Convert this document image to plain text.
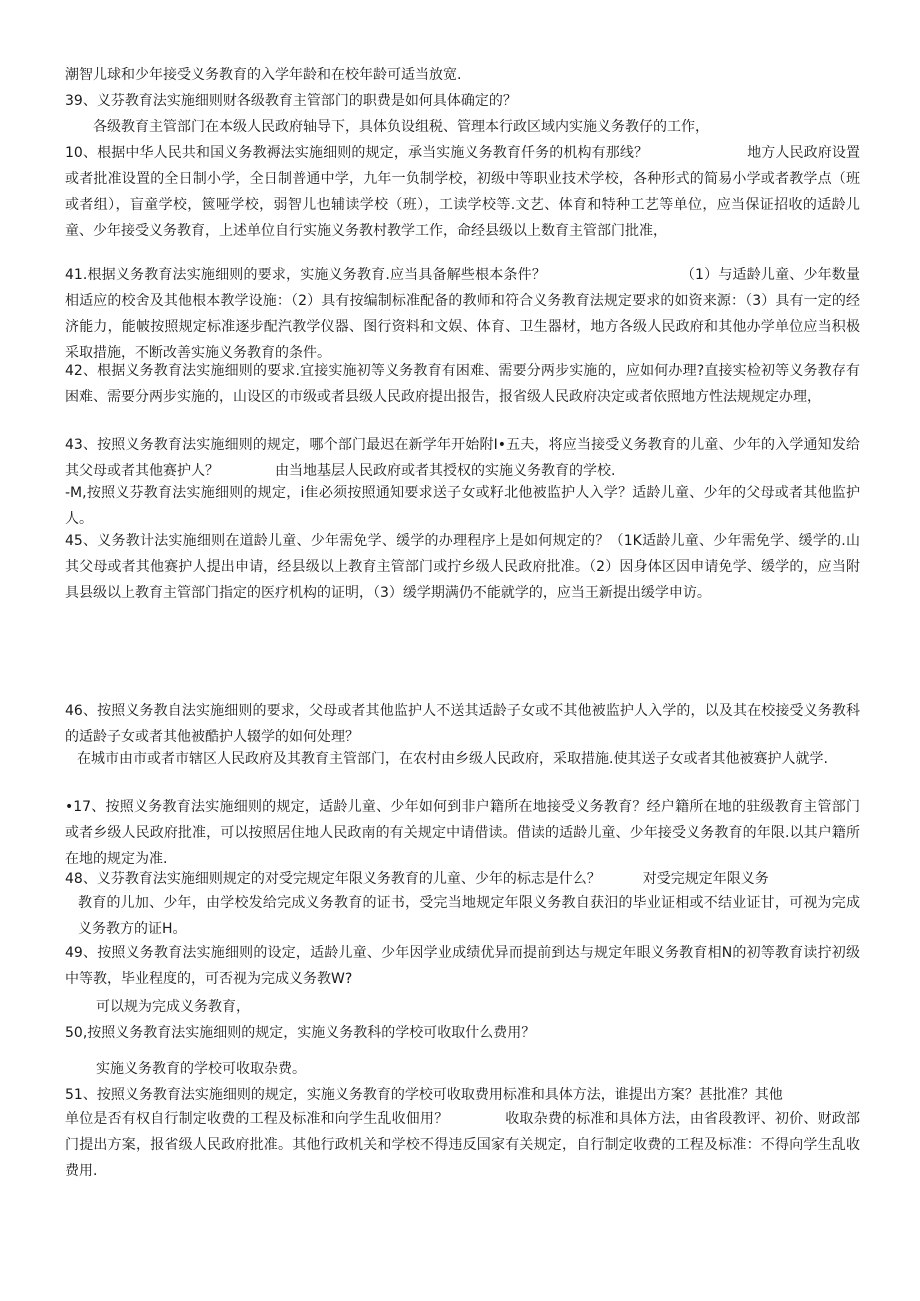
潮智儿球和少年接受义务教育的入学年龄和在校年龄可适当放宽.

39、义芬教育法实施细则财各级教育主管部门的职费是如何具体确定的？

各级教育主管部门在本级人民政府轴导下，具体负设组税、管理本行政区域内实施义务教仔的工作，

10、根据中华人民共和国义务教褥法实施细则的规定，承当实施义务教育仟务的机构有那线？　　　　　　　地方人民政府设置或者批准设置的全日制小学，全日制普通中学，九年一负制学校，初级中等职业技术学校，各种形式的简易小学或者教学点（班或者组），盲童学校，篋哑学校，弱智儿也辅读学校（班），工读学校等.文艺、体育和特种工艺等单位，应当保证招收的适龄儿童、少年接受义务教育，上述单位自行实施义务教村教学工作，命经县级以上数育主管部门批准，

41.根据义务教育法实施细则的要求，实施义务教育.应当具备解些根本条件？　　　　　　　　　　（1）与适龄儿童、少年数量相适应的校舍及其他根本教学设施：（2）具有按编制标准配备的教师和符合义务教育法规定要求的如资来源：（3）具有一定的经济能力，能帔按照规定标准逐步配汽教学仪器、图行资料和文娱、体育、卫生器材，地方各级人民政府和其他办学单位应当积极采取措施，不断改善实施义务教育的条件。

42、根据义务教育法实施细则的要求.宜接实施初等义务教育有困难、需要分两步实施的，应如何办理?直接实检初等义务教存有困难、需要分两步实施的，山设区的市级或者县级人民政府提出报告，报省级人民政府决定或者依照地方性法规规定办理，

43、按照义务教育法实施细则的规定，哪个部门最迟在新学年开始附I•五夫，将应当接受义务教育的儿童、少年的入学通知发给其父母或者其他赛护人？　　　　由当地基层人民政府或者其授权的实施义务教育的学校.

-M,按照义芬教育法实施细则的规定，i隹必须按照通知要求送子女或籽北他被监护人入学？适龄儿童、少年的父母或者其他监护人。

45、义务教计法实施细则在道龄儿童、少年需免学、缓学的办理程序上是如何规定的？（1K适龄儿童、少年需免学、缓学的.山其父母或者其他赛护人提出申请，经县级以上教育主管部门或拧乡级人民政府批准。（2）因身体区因申请免学、缓学的，应当附具县级以上教育主管部门指定的医疗机构的证明，（3）缓学期满仍不能就学的，应当王新提出缓学申访。

46、按照义务教自法实施细则的要求，父母或者其他监护人不送其适龄子女或不其他被监护人入学的，以及其在校接受义务教科的适龄子女或者其他被酷护人辍学的如何处理？

在城市由市或者市辖区人民政府及其教育主管部门，在农村由乡级人民政府，采取措施.使其送子女或者其他被赛护人就学.

•17、按照义务教育法实施细则的规定，适龄儿童、少年如何到非户籍所在地接受义务教育？经户籍所在地的驻级教育主管部门或者乡级人民政府批准，可以按照居住地人民政南的有关规定中请借读。借读的适龄儿童、少年接受义务教育的年限.以其户籍所在地的规定为准.

48、义芬教育法实施细则规定的对受完规定年限义务教育的儿童、少年的标志是什么？　　　对受完规定年限义务

教育的儿加、少年，由学校发给完成义务教育的证书，受完当地规定年限义务教自获汨的毕业证相或不结业证甘，可视为完成义务教方的证H。

49、按照义务教育法实施细则的设定，适龄儿童、少年因学业成绩优异而提前到达与规定年眼义务教育相N的初等教育读拧初级中等教，毕业程度的，可否视为完成义务教W?

可以规为完成义务教育，

50,按照义务教育法实施细则的规定，实施义务教科的学校可收取什么费用？

实施义务教育的学校可收取杂费。

51、按照义务教育法实施细则的规定，实施义务教育的学校可收取费用标准和具体方法，谁提出方案？甚批准？其他

单位是否有权自行制定收费的工程及标准和向学生乱收佃用？　　　　收取杂费的标准和具体方法，由省段教评、初价、财政部门提出方案，报省级人民政府批准。其他行政机关和学校不得违反国家有关规定，自行制定收费的工程及标准：不得向学生乱收费用.
